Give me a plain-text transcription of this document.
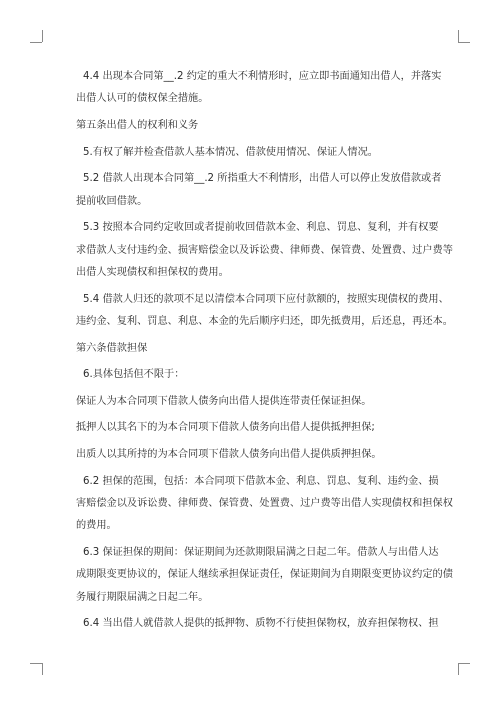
4.4 出现本合同第__.2 约定的重大不利情形时，应立即书面通知出借人，并落实
出借人认可的债权保全措施。
第五条出借人的权利和义务
5.有权了解并检查借款人基本情况、借款使用情况、保证人情况。
5.2 借款人出现本合同第__.2 所指重大不利情形，出借人可以停止发放借款或者
提前收回借款。
5.3 按照本合同约定收回或者提前收回借款本金、利息、罚息、复利，并有权要
求借款人支付违约金、损害赔偿金以及诉讼费、律师费、保管费、处置费、过户费等
出借人实现债权和担保权的费用。
5.4 借款人归还的款项不足以清偿本合同项下应付款额的，按照实现债权的费用、
违约金、复利、罚息、利息、本金的先后顺序归还，即先抵费用，后还息，再还本。
第六条借款担保
6.具体包括但不限于：
保证人为本合同项下借款人债务向出借人提供连带责任保证担保。
抵押人以其名下的为本合同项下借款人债务向出借人提供抵押担保;
出质人以其所持的为本合同项下借款人债务向出借人提供质押担保。
6.2 担保的范围，包括：本合同项下借款本金、利息、罚息、复利、违约金、损
害赔偿金以及诉讼费、律师费、保管费、处置费、过户费等出借人实现债权和担保权
的费用。
6.3 保证担保的期间：保证期间为还款期限届满之日起二年。借款人与出借人达
成期限变更协议的，保证人继续承担保证责任，保证期间为自期限变更协议约定的债
务履行期限届满之日起二年。
6.4 当出借人就借款人提供的抵押物、质物不行使担保物权，放弃担保物权、担
